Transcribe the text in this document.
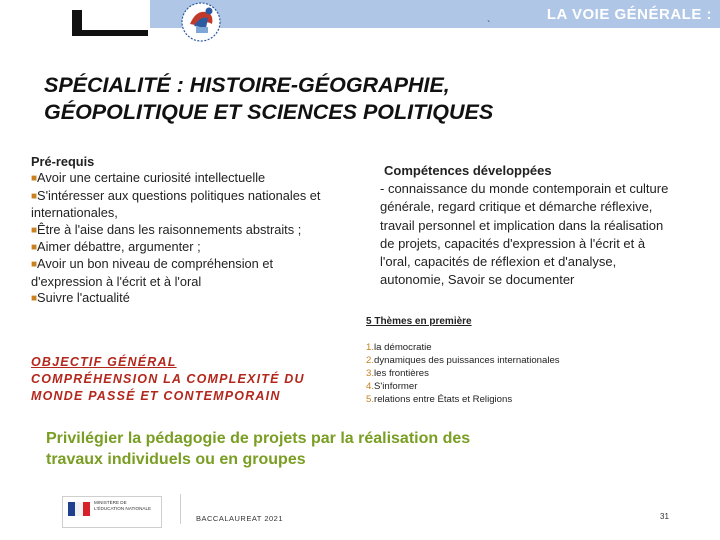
LA VOIE GÉNÉRALE :
`
SPÉCIALITÉ : HISTOIRE-GÉOGRAPHIE,
GÉOPOLITIQUE ET SCIENCES POLITIQUES
Pré-requis
■Avoir une certaine curiosité intellectuelle
■S'intéresser aux questions politiques nationales et internationales,
■Être à l'aise dans les raisonnements abstraits ;
■Aimer débattre, argumenter ;
■Avoir un bon niveau de compréhension et d'expression à l'écrit et à l'oral
■Suivre l'actualité
Compétences développées
- connaissance du monde contemporain et culture générale, regard critique et démarche réflexive, travail personnel et implication dans la réalisation de projets, capacités d'expression à l'écrit et à l'oral, capacités de réflexion et d'analyse, autonomie, Savoir se documenter
5 Thèmes en première
1.la démocratie
2.dynamiques des puissances internationales
3.les frontières
4.S'informer
5.relations entre États et Religions
OBJECTIF GÉNÉRAL
COMPRÉHENSION LA COMPLEXITÉ DU
MONDE PASSÉ ET CONTEMPORAIN
Privilégier la pédagogie de projets par la réalisation des
travaux individuels ou en groupes
MINISTÈRE DE L'ÉDUCATION NATIONALE
BACCALAUREAT 2021	31
